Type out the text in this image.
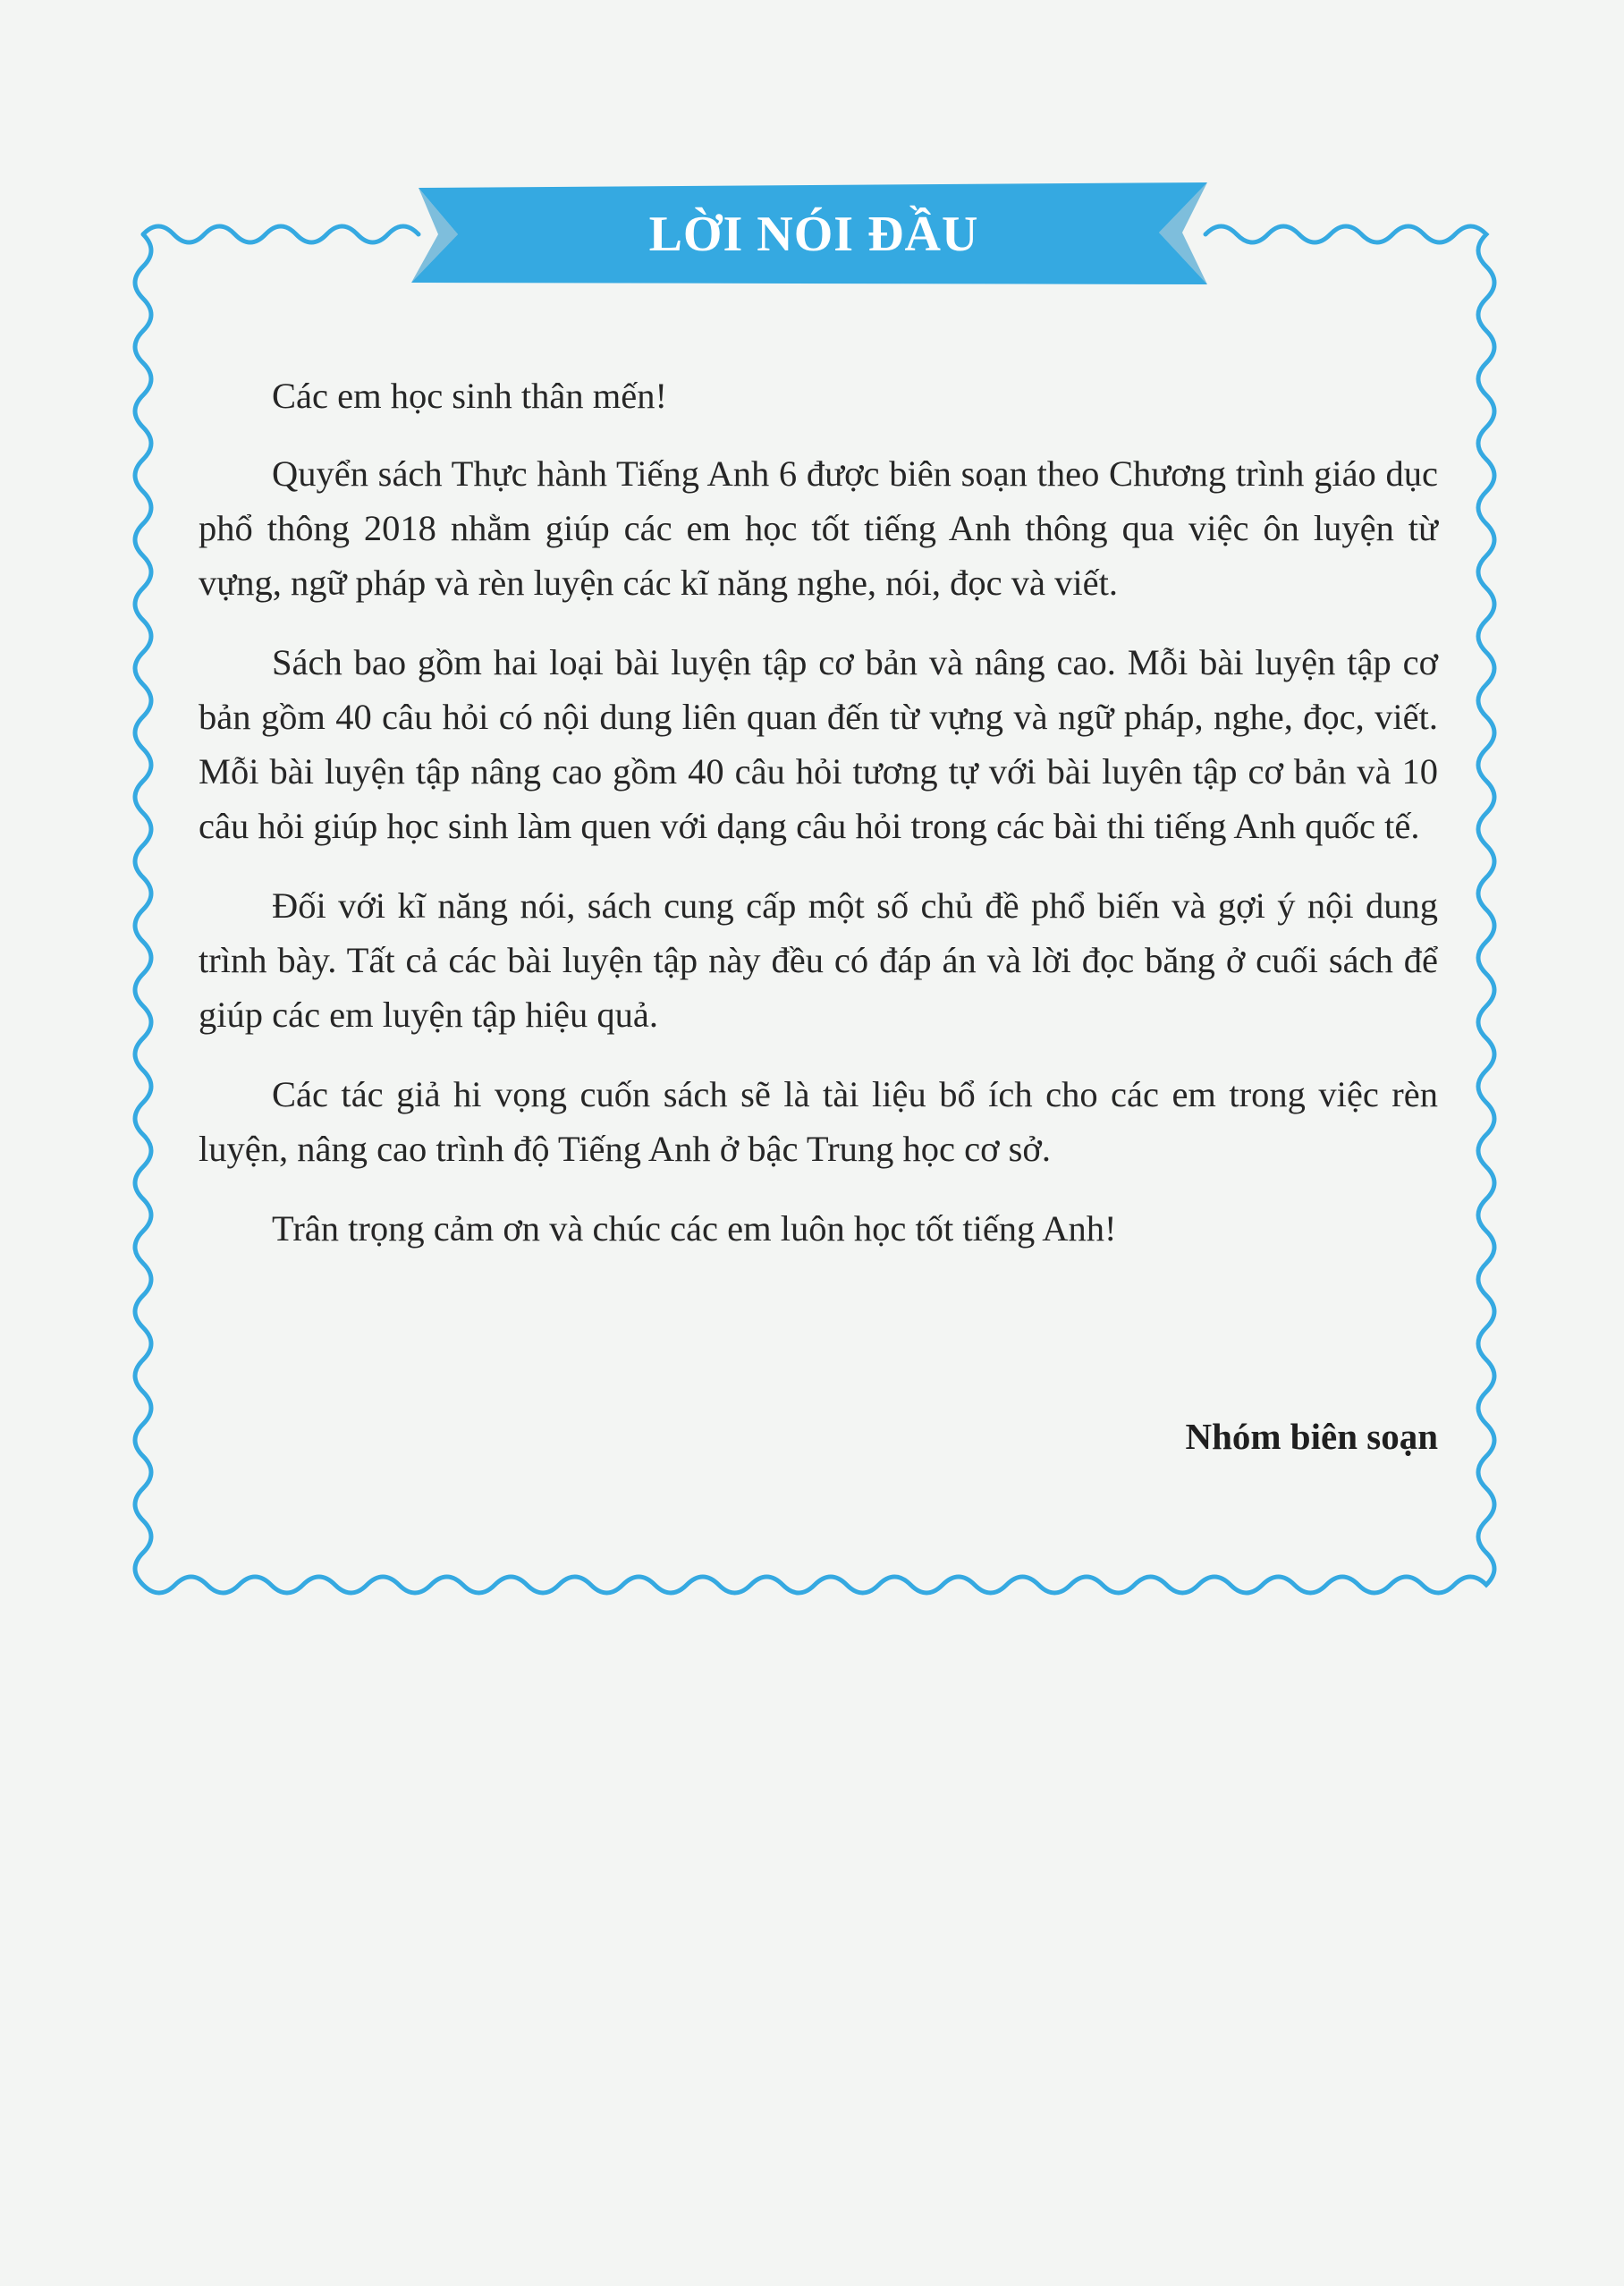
LỜI NÓI ĐẦU

Các em học sinh thân mến!

Quyển sách Thực hành Tiếng Anh 6 được biên soạn theo Chương trình giáo dục phổ thông 2018 nhằm giúp các em học tốt tiếng Anh thông qua việc ôn luyện từ vựng, ngữ pháp và rèn luyện các kĩ năng nghe, nói, đọc và viết.

Sách bao gồm hai loại bài luyện tập cơ bản và nâng cao. Mỗi bài luyện tập cơ bản gồm 40 câu hỏi có nội dung liên quan đến từ vựng và ngữ pháp, nghe, đọc, viết. Mỗi bài luyện tập nâng cao gồm 40 câu hỏi tương tự với bài luyên tập cơ bản và 10 câu hỏi giúp học sinh làm quen với dạng câu hỏi trong các bài thi tiếng Anh quốc tế.

Đối với kĩ năng nói, sách cung cấp một số chủ đề phổ biến và gợi ý nội dung trình bày. Tất cả các bài luyện tập này đều có đáp án và lời đọc băng ở cuối sách để giúp các em luyện tập hiệu quả.

Các tác giả hi vọng cuốn sách sẽ là tài liệu bổ ích cho các em trong việc rèn luyện, nâng cao trình độ Tiếng Anh ở bậc Trung học cơ sở.

Trân trọng cảm ơn và chúc các em luôn học tốt tiếng Anh!

Nhóm biên soạn
